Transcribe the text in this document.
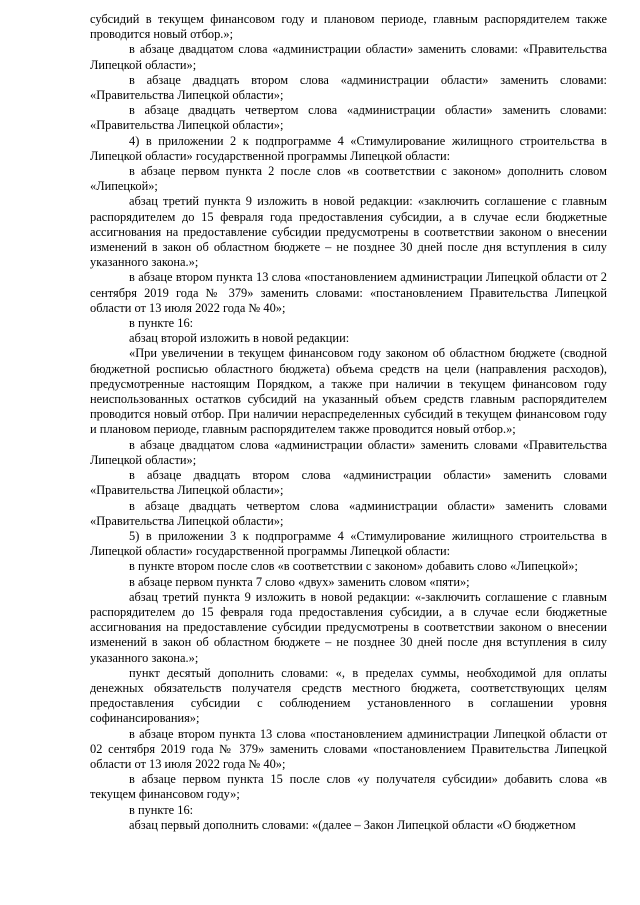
субсидий в текущем финансовом году и плановом периоде, главным распорядителем также проводится новый отбор.»;

в абзаце двадцатом слова «администрации области» заменить словами: «Правительства Липецкой области»;

в абзаце двадцать втором слова «администрации области» заменить словами: «Правительства Липецкой области»;

в абзаце двадцать четвертом слова «администрации области» заменить словами: «Правительства Липецкой области»;

4) в приложении 2 к подпрограмме 4 «Стимулирование жилищного строительства в Липецкой области» государственной программы Липецкой области:

в абзаце первом пункта 2 после слов «в соответствии с законом» дополнить словом «Липецкой»;

абзац третий пункта 9 изложить в новой редакции: «заключить соглашение с главным распорядителем до 15 февраля года предоставления субсидии, а в случае если бюджетные ассигнования на предоставление субсидии предусмотрены в соответствии законом о внесении изменений в закон об областном бюджете – не позднее 30 дней после дня вступления в силу указанного закона.»;

в абзаце втором пункта 13 слова «постановлением администрации Липецкой области от 2 сентября 2019 года № 379» заменить словами: «постановлением Правительства Липецкой области от 13 июля 2022 года № 40»;

в пункте 16:

абзац второй изложить в новой редакции:

«При увеличении в текущем финансовом году законом об областном бюджете (сводной бюджетной росписью областного бюджета) объема средств на цели (направления расходов), предусмотренные настоящим Порядком, а также при наличии в текущем финансовом году неиспользованных остатков субсидий на указанный объем средств главным распорядителем проводится новый отбор. При наличии нераспределенных субсидий в текущем финансовом году и плановом периоде, главным распорядителем также проводится новый отбор.»;

в абзаце двадцатом слова «администрации области» заменить словами «Правительства Липецкой области»;

в абзаце двадцать втором слова «администрации области» заменить словами «Правительства Липецкой области»;

в абзаце двадцать четвертом слова «администрации области» заменить словами «Правительства Липецкой области»;

5) в приложении 3 к подпрограмме 4 «Стимулирование жилищного строительства в Липецкой области» государственной программы Липецкой области:

в пункте втором после слов «в соответствии с законом» добавить слово «Липецкой»;

в абзаце первом пункта 7 слово «двух» заменить словом «пяти»;

абзац третий пункта 9 изложить в новой редакции: «-заключить соглашение с главным распорядителем до 15 февраля года предоставления субсидии, а в случае если бюджетные ассигнования на предоставление субсидии предусмотрены в соответствии законом о внесении изменений в закон об областном бюджете – не позднее 30 дней после дня вступления в силу указанного закона.»;

пункт десятый дополнить словами: «, в пределах суммы, необходимой для оплаты денежных обязательств получателя средств местного бюджета, соответствующих целям предоставления субсидии с соблюдением установленного в соглашении уровня софинансирования»;

в абзаце втором пункта 13 слова «постановлением администрации Липецкой области от 02 сентября 2019 года № 379» заменить словами «постановлением Правительства Липецкой области от 13 июля 2022 года № 40»;

в абзаце первом пункта 15 после слов «у получателя субсидии» добавить слова «в текущем финансовом году»;

в пункте 16:

абзац первый дополнить словами: «(далее – Закон Липецкой области «О бюджетном
